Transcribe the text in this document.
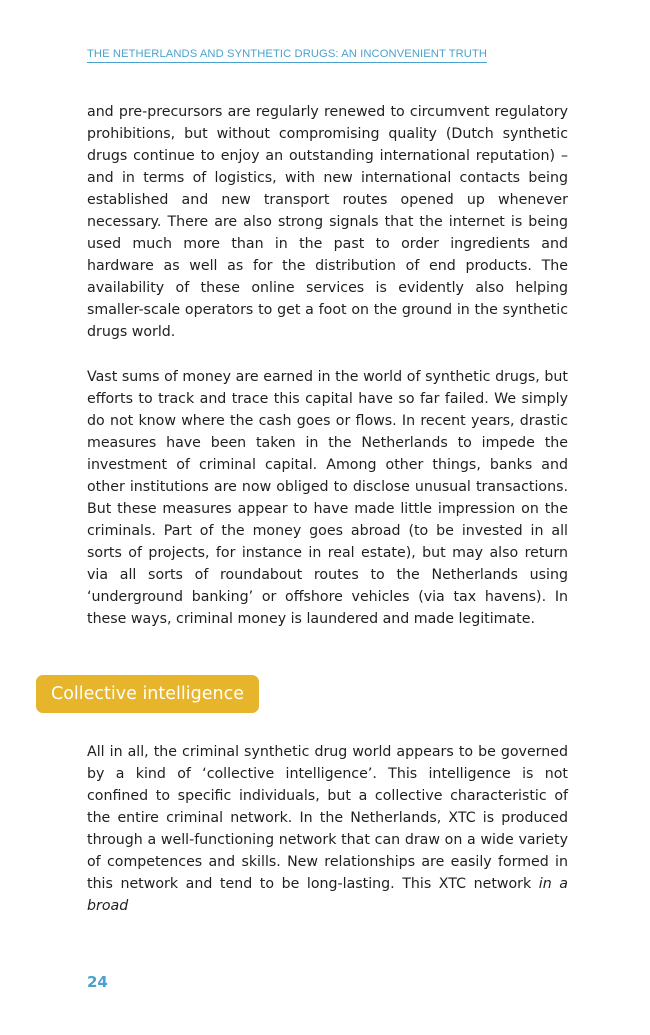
THE NETHERLANDS AND SYNTHETIC DRUGS: AN INCONVENIENT TRUTH

and pre-precursors are regularly renewed to circumvent regulatory prohibitions, but without compromising quality (Dutch synthetic drugs continue to enjoy an outstanding international reputation) – and in terms of logistics, with new international contacts being established and new transport routes opened up whenever necessary. There are also strong signals that the internet is being used much more than in the past to order ingredients and hardware as well as for the distribution of end products. The availability of these online services is evidently also helping smaller-scale operators to get a foot on the ground in the synthetic drugs world.

Vast sums of money are earned in the world of synthetic drugs, but efforts to track and trace this capital have so far failed. We simply do not know where the cash goes or flows. In recent years, drastic measures have been taken in the Netherlands to impede the investment of criminal capital. Among other things, banks and other institutions are now obliged to disclose unusual transactions. But these measures appear to have made little impression on the criminals. Part of the money goes abroad (to be invested in all sorts of projects, for instance in real estate), but may also return via all sorts of roundabout routes to the Netherlands using ‘underground banking’ or offshore vehicles (via tax havens). In these ways, criminal money is laundered and made legitimate.

Collective intelligence

All in all, the criminal synthetic drug world appears to be governed by a kind of ‘collective intelligence’. This intelligence is not confined to specific individuals, but a collective characteristic of the entire criminal network. In the Netherlands, XTC is produced through a well-functioning network that can draw on a wide variety of competences and skills. New relationships are easily formed in this network and tend to be long-lasting. This XTC network in a broad

24
